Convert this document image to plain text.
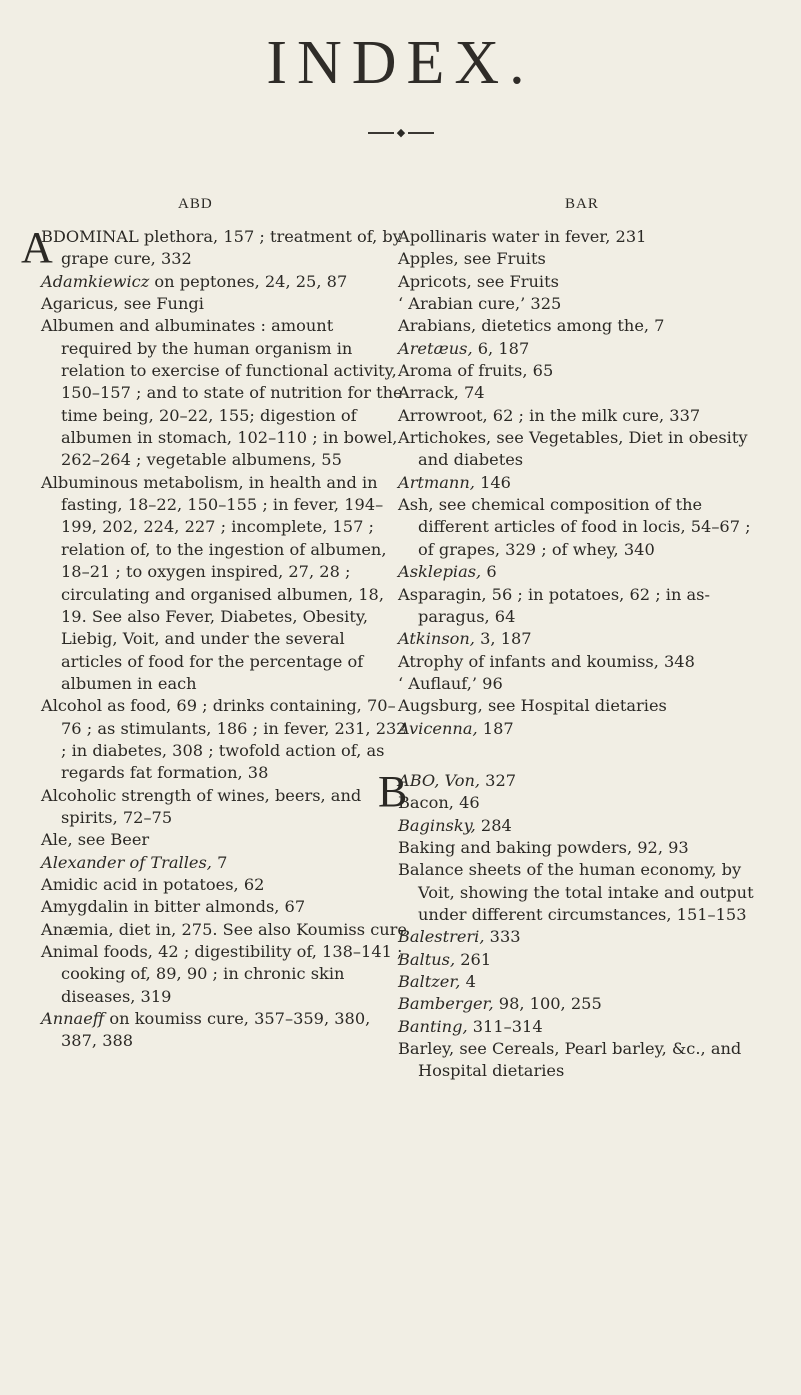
INDEX.
◆
ABD	BAR

A
BDOMINAL plethora, 157 ; treatment of, by grape cure, 332

Adamkiewicz on peptones, 24, 25, 87

Agaricus, see Fungi

Albumen and albuminates : amount required by the human organism in relation to exercise of functional activity, 150–157 ; and to state of nutrition for the time being, 20–22, 155; digestion of albumen in stomach, 102–110 ; in bowel, 262–264 ; vegetable albumens, 55

Albuminous metabolism, in health and in fasting, 18–22, 150–155 ; in fever, 194–199, 202, 224, 227 ; incomplete, 157 ; relation of, to the ingestion of albumen, 18–21 ; to oxygen inspired, 27, 28 ; circulating and organised albumen, 18, 19. See also Fever, Diabetes, Obesity, Liebig, Voit, and under the several articles of food for the percentage of albumen in each

Alcohol as food, 69 ; drinks containing, 70–76 ; as stimulants, 186 ; in fever, 231, 232 ; in diabetes, 308 ; twofold action of, as regards fat formation, 38

Alcoholic strength of wines, beers, and spirits, 72–75

Ale, see Beer

Alexander of Tralles, 7

Amidic acid in potatoes, 62

Amygdalin in bitter almonds, 67

Anæmia, diet in, 275. See also Koumiss cure

Animal foods, 42 ; digestibility of, 138–141 ; cooking of, 89, 90 ; in chronic skin diseases, 319

Annaeff on koumiss cure, 357–359, 380, 387, 388

Apollinaris water in fever, 231

Apples, see Fruits

Apricots, see Fruits

‘ Arabian cure,’ 325

Arabians, dietetics among the, 7

Aretæus, 6, 187

Aroma of fruits, 65

Arrack, 74

Arrowroot, 62 ; in the milk cure, 337

Artichokes, see Vegetables, Diet in obesity and diabetes

Artmann, 146

Ash, see chemical composition of the different articles of food in locis, 54–67 ; of grapes, 329 ; of whey, 340

Asklepias, 6

Asparagin, 56 ; in potatoes, 62 ; in asparagus, 64

Atkinson, 3, 187

Atrophy of infants and koumiss, 348

‘ Auflauf,’ 96

Augsburg, see Hospital dietaries

Avicenna, 187

B
ABO, Von, 327

Bacon, 46

Baginsky, 284

Baking and baking powders, 92, 93

Balance sheets of the human economy, by Voit, showing the total intake and output under different circumstances, 151–153

Balestreri, 333

Baltus, 261

Baltzer, 4

Bamberger, 98, 100, 255

Banting, 311–314

Barley, see Cereals, Pearl barley, &c., and Hospital dietaries
